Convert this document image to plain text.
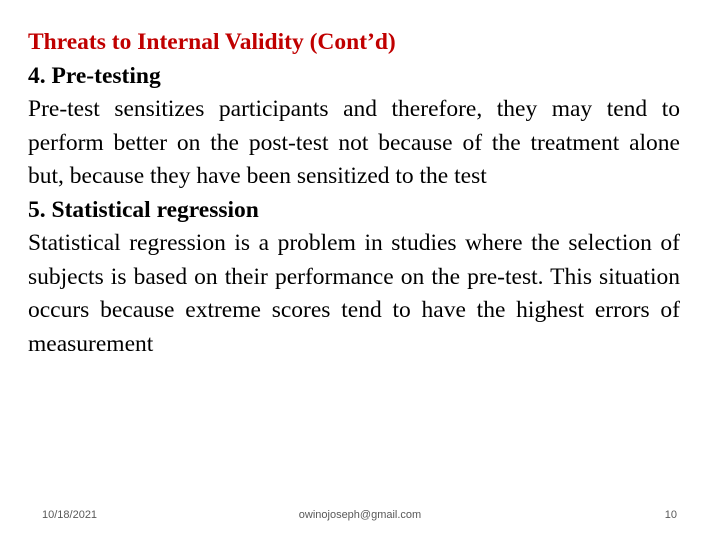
Threats to Internal Validity (Cont’d)

4. Pre-testing

Pre-test sensitizes participants and therefore, they may tend to perform better on the post-test not because of the treatment alone but, because they have been sensitized to the test

5. Statistical regression

Statistical regression is a problem in studies where the selection of subjects is based on their performance on the pre-test. This situation occurs because extreme scores tend to have the highest errors of measurement

owinojoseph@gmail.com
10/18/2021	10
